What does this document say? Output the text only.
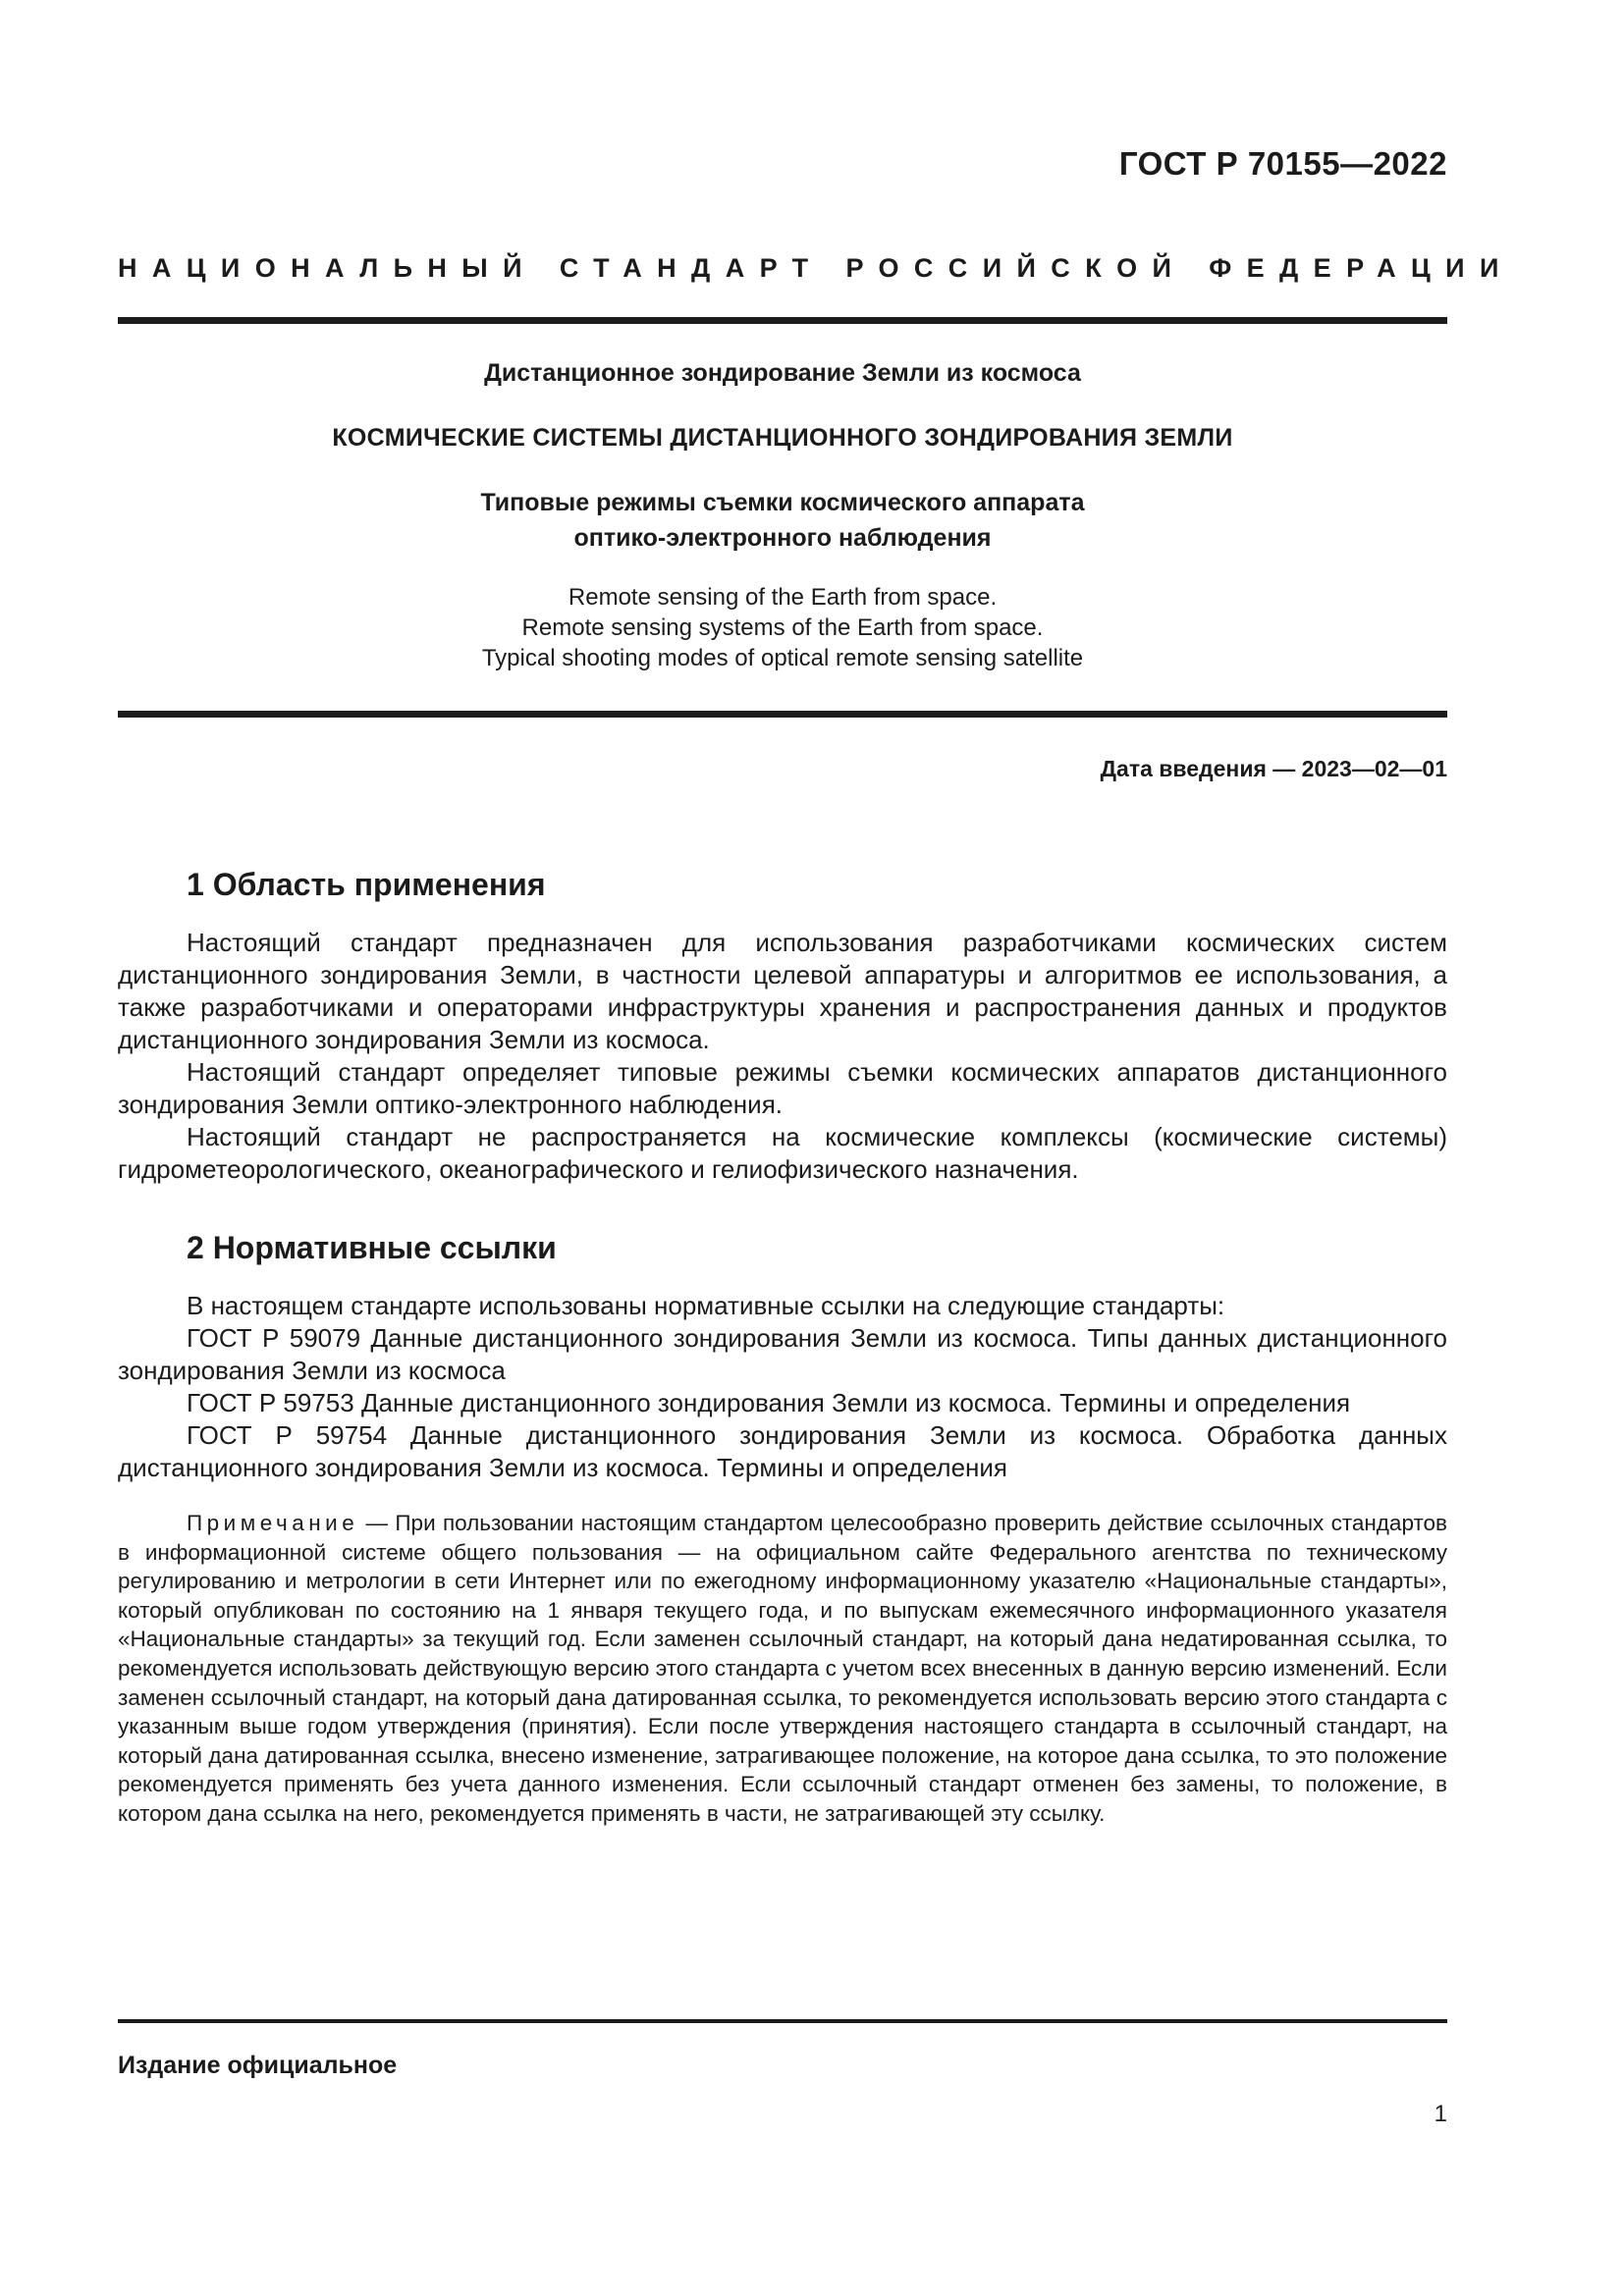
ГОСТ Р 70155—2022
НАЦИОНАЛЬНЫЙ СТАНДАРТ РОССИЙСКОЙ ФЕДЕРАЦИИ
Дистанционное зондирование Земли из космоса
КОСМИЧЕСКИЕ СИСТЕМЫ ДИСТАНЦИОННОГО ЗОНДИРОВАНИЯ ЗЕМЛИ
Типовые режимы съемки космического аппарата
оптико-электронного наблюдения
Remote sensing of the Earth from space.
Remote sensing systems of the Earth from space.
Typical shooting modes of optical remote sensing satellite
Дата введения — 2023—02—01
1 Область применения

Настоящий стандарт предназначен для использования разработчиками космических систем дистанционного зондирования Земли, в частности целевой аппаратуры и алгоритмов ее использования, а также разработчиками и операторами инфраструктуры хранения и распространения данных и продуктов дистанционного зондирования Земли из космоса.

Настоящий стандарт определяет типовые режимы съемки космических аппаратов дистанционного зондирования Земли оптико-электронного наблюдения.

Настоящий стандарт не распространяется на космические комплексы (космические системы) гидрометеорологического, океанографического и гелиофизического назначения.

2 Нормативные ссылки

В настоящем стандарте использованы нормативные ссылки на следующие стандарты:

ГОСТ Р 59079 Данные дистанционного зондирования Земли из космоса. Типы данных дистанционного зондирования Земли из космоса

ГОСТ Р 59753 Данные дистанционного зондирования Земли из космоса. Термины и определения

ГОСТ Р 59754 Данные дистанционного зондирования Земли из космоса. Обработка данных дистанционного зондирования Земли из космоса. Термины и определения

Примечание — При пользовании настоящим стандартом целесообразно проверить действие ссылочных стандартов в информационной системе общего пользования — на официальном сайте Федерального агентства по техническому регулированию и метрологии в сети Интернет или по ежегодному информационному указателю «Национальные стандарты», который опубликован по состоянию на 1 января текущего года, и по выпускам ежемесячного информационного указателя «Национальные стандарты» за текущий год. Если заменен ссылочный стандарт, на который дана недатированная ссылка, то рекомендуется использовать действующую версию этого стандарта с учетом всех внесенных в данную версию изменений. Если заменен ссылочный стандарт, на который дана датированная ссылка, то рекомендуется использовать версию этого стандарта с указанным выше годом утверждения (принятия). Если после утверждения настоящего стандарта в ссылочный стандарт, на который дана датированная ссылка, внесено изменение, затрагивающее положение, на которое дана ссылка, то это положение рекомендуется применять без учета данного изменения. Если ссылочный стандарт отменен без замены, то положение, в котором дана ссылка на него, рекомендуется применять в части, не затрагивающей эту ссылку.

Издание официальное
1
